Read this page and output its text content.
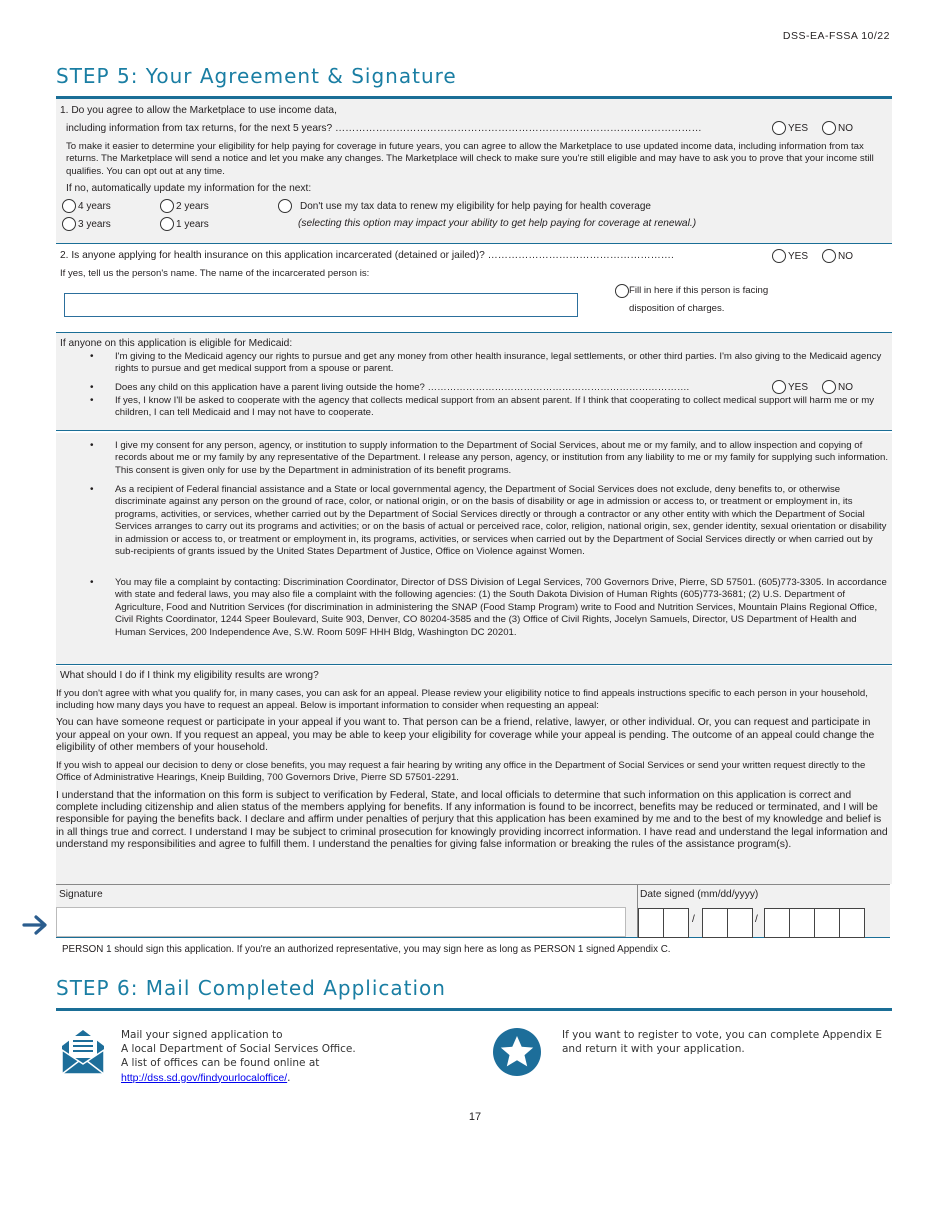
DSS-EA-FSSA 10/22
STEP 5: Your Agreement & Signature
1. Do you agree to allow the Marketplace to use income data,
including information from tax returns, for the next 5 years? ………………………………………………………………………………………………	YES	NO
To make it easier to determine your eligibility for help paying for coverage in future years, you can agree to allow the Marketplace to use updated income data, including information from tax returns. The Marketplace will send a notice and let you make any changes. The Marketplace will check to make sure you're still eligible and may have to ask you to prove that your income still qualifies. You can opt out at any time.
If no, automatically update my information for the next:
4 years	2 years	Don't use my tax data to renew my eligibility for help paying for health coverage
3 years	1 years	(selecting this option may impact your ability to get help paying for coverage at renewal.)
2. Is anyone applying for health insurance on this application incarcerated (detained or jailed)? ……………………………………………….	YES	NO
If yes, tell us the person's name. The name of the incarcerated person is:
Fill in here if this person is facing
disposition of charges.
If anyone on this application is eligible for Medicaid:
•	I'm giving to the Medicaid agency our rights to pursue and get any money from other health insurance, legal settlements, or other third parties. I'm also giving to the Medicaid agency rights to pursue and get medical support from a spouse or parent.
•	Does any child on this application have a parent living outside the home? ……………………………………………………………………….	YES	NO
•	If yes, I know I'll be asked to cooperate with the agency that collects medical support from an absent parent. If I think that cooperating to collect medical support will harm me or my children, I can tell Medicaid and I may not have to cooperate.
•	I give my consent for any person, agency, or institution to supply information to the Department of Social Services, about me or my family, and to allow inspection and copying of records about me or my family by any representative of the Department. I release any person, agency, or institution from any liability to me or my family for supplying such information. This consent is given only for use by the Department in administration of its benefit programs.
•	As a recipient of Federal financial assistance and a State or local governmental agency, the Department of Social Services does not exclude, deny benefits to, or otherwise discriminate against any person on the ground of race, color, or national origin, or on the basis of disability or age in admission or access to, or treatment or employment in, its programs, activities, or services, whether carried out by the Department of Social Services directly or through a contractor or any other entity with which the Department of Social Services arranges to carry out its programs and activities; or on the basis of actual or perceived race, color, religion, national origin, sex, gender identity, sexual orientation or disability in admission or access to, or treatment or employment in, its programs, activities, or services when carried out by the Department of Social Services directly or when carried out by sub-recipients of grants issued by the United States Department of Justice, Office on Violence against Women.
•	You may file a complaint by contacting: Discrimination Coordinator, Director of DSS Division of Legal Services, 700 Governors Drive, Pierre, SD 57501. (605)773-3305. In accordance with state and federal laws, you may also file a complaint with the following agencies: (1) the South Dakota Division of Human Rights (605)773-3681; (2) U.S. Department of Agriculture, Food and Nutrition Services (for discrimination in administering the SNAP (Food Stamp Program) write to Food and Nutrition Services, Mountain Plains Regional Office, Civil Rights Coordinator, 1244 Speer Boulevard, Suite 903, Denver, CO 80204-3585 and the (3) Office of Civil Rights, Jocelyn Samuels, Director, US Department of Health and Human Services, 200 Independence Ave, S.W. Room 509F HHH Bldg, Washington DC 20201.
What should I do if I think my eligibility results are wrong?
If you don't agree with what you qualify for, in many cases, you can ask for an appeal. Please review your eligibility notice to find appeals instructions specific to each person in your household, including how many days you have to request an appeal. Below is important information to consider when requesting an appeal:
You can have someone request or participate in your appeal if you want to. That person can be a friend, relative, lawyer, or other individual. Or, you can request and participate in your appeal on your own. If you request an appeal, you may be able to keep your eligibility for coverage while your appeal is pending. The outcome of an appeal could change the eligibility of other members of your household.
If you wish to appeal our decision to deny or close benefits, you may request a fair hearing by writing any office in the Department of Social Services or send your written request directly to the Office of Administrative Hearings, Kneip Building, 700 Governors Drive, Pierre SD 57501-2291.
I understand that the information on this form is subject to verification by Federal, State, and local officials to determine that such information on this application is correct and complete including citizenship and alien status of the members applying for benefits. If any information is found to be incorrect, benefits may be reduced or terminated, and I will be responsible for paying the benefits back. I declare and affirm under penalties of perjury that this application has been examined by me and to the best of my knowledge and belief is in all things true and correct. I understand I may be subject to criminal prosecution for knowingly providing incorrect information. I have read and understand the legal information and understand my responsibilities and agree to fulfill them. I understand the penalties for giving false information or breaking the rules of the assistance program(s).
Signature	Date signed (mm/dd/yyyy)
/	/
PERSON 1 should sign this application. If you're an authorized representative, you may sign here as long as PERSON 1 signed Appendix C.
STEP 6: Mail Completed Application
Mail your signed application to
A local Department of Social Services Office.
A list of offices can be found online at
http://dss.sd.gov/findyourlocaloffice/.
If you want to register to vote, you can complete Appendix E and return it with your application.
17
